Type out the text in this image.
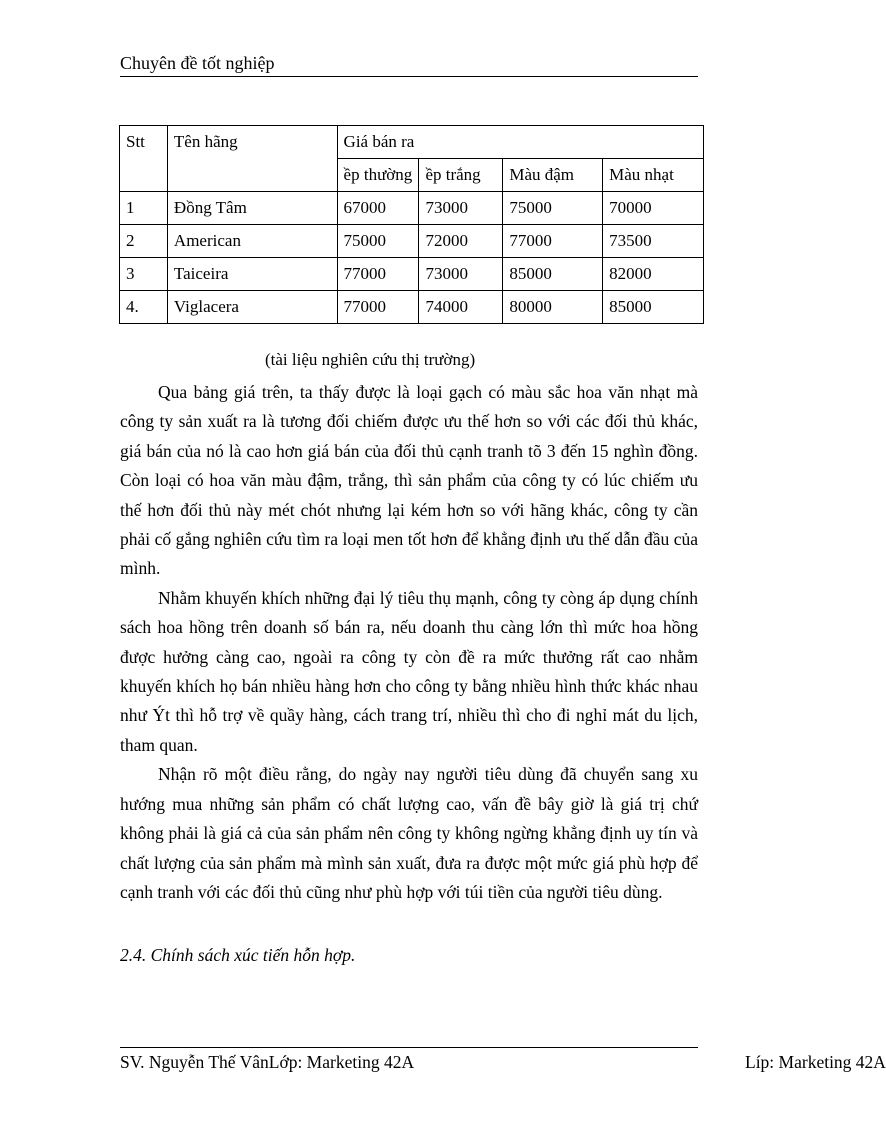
Chuyên đề tốt nghiệp
Stt	Tên hãng	Giá bán ra			
		ềp thường	ềp trắng	Màu đậm	Màu nhạt
1	Đồng Tâm	67000	73000	75000	70000
2	American	75000	72000	77000	73500
3	Taiceira	77000	73000	85000	82000
4.	Viglacera	77000	74000	80000	85000
(tài liệu nghiên cứu thị trường)

Qua bảng giá trên, ta thấy được là loại gạch có màu sắc hoa văn nhạt mà công ty sản xuất ra là tương đối chiếm được ưu thế hơn so với các đối thủ khác, giá bán của nó là cao hơn giá bán của đối thủ cạnh tranh tõ 3 đến 15 nghìn đồng. Còn loại có hoa văn màu đậm, trắng, thì sản phẩm của công ty có lúc chiếm ưu thế hơn đối thủ này mét chót nhưng lại kém hơn so với hãng khác, công ty cần phải cố gắng nghiên cứu tìm ra loại men tốt hơn để khẳng định ưu thế dẫn đầu của mình.

Nhằm khuyến khích những đại lý tiêu thụ mạnh, công ty còng áp dụng chính sách hoa hồng trên doanh số bán ra, nếu doanh thu càng lớn thì mức hoa hồng được hưởng càng cao, ngoài ra công ty còn đề ra mức thưởng rất cao nhằm khuyến khích họ bán nhiều hàng hơn cho công ty bằng nhiều hình thức khác nhau như Ýt thì hỗ trợ về quầy hàng, cách trang trí, nhiều thì cho đi nghỉ mát du lịch, tham quan.

Nhận rõ một điều rằng, do ngày nay người tiêu dùng đã chuyển sang xu hướng mua những sản phẩm có chất lượng cao, vấn đề bây giờ là giá trị chứ không phải là giá cả của sản phẩm nên công ty không ngừng khẳng định uy tín và chất lượng của sản phẩm mà mình sản xuất, đưa ra được một mức giá phù hợp để cạnh tranh với các đối thủ cũng như phù hợp với túi tiền của người tiêu dùng.

2.4. Chính sách xúc tiến hỗn hợp.
SV. Nguyễn Thế VânLớp: Marketing 42A	Líp: Marketing 42A
